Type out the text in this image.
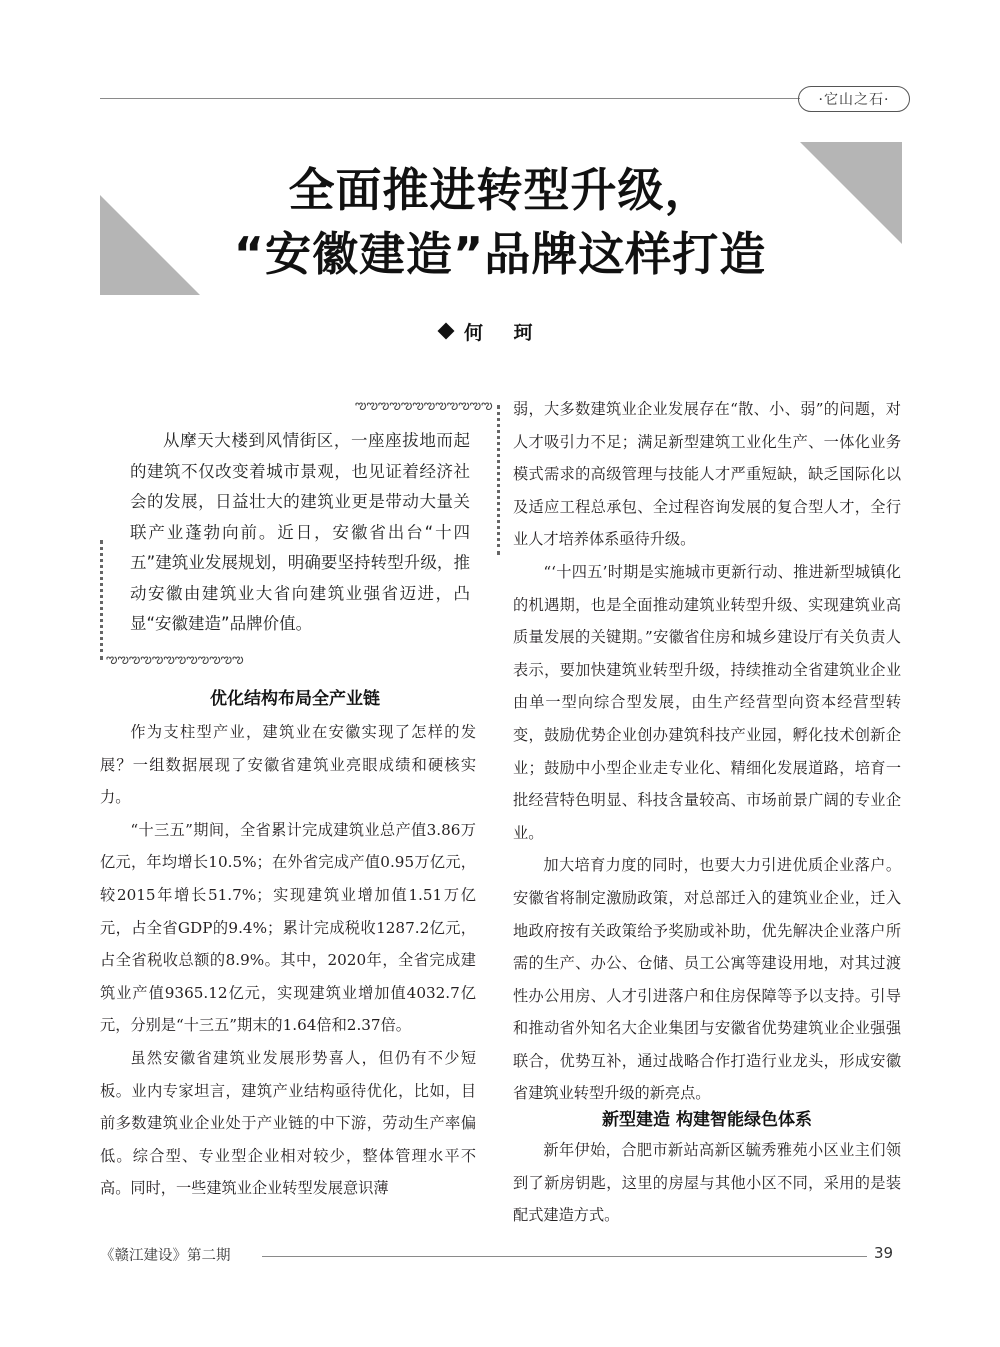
·它山之石·
全面推进转型升级，
“安徽建造”品牌这样打造
何 珂
ఌఌఌఌఌఌఌఌఌఌఌఌ
ఌఌఌఌఌఌఌఌఌఌఌఌ
从摩天大楼到风情街区，一座座拔地而起的建筑不仅改变着城市景观，也见证着经济社会的发展，日益壮大的建筑业更是带动大量关联产业蓬勃向前。近日，安徽省出台“十四五”建筑业发展规划，明确要坚持转型升级，推动安徽由建筑业大省向建筑业强省迈进，凸显“安徽建造”品牌价值。
优化结构布局全产业链

作为支柱型产业，建筑业在安徽实现了怎样的发展？一组数据展现了安徽省建筑业亮眼成绩和硬核实力。

“十三五”期间，全省累计完成建筑业总产值3.86万亿元，年均增长10.5%；在外省完成产值0.95万亿元，较2015年增长51.7%；实现建筑业增加值1.51万亿元，占全省GDP的9.4%；累计完成税收1287.2亿元，占全省税收总额的8.9%。其中，2020年，全省完成建筑业产值9365.12亿元，实现建筑业增加值4032.7亿元，分别是“十三五”期末的1.64倍和2.37倍。

虽然安徽省建筑业发展形势喜人，但仍有不少短板。业内专家坦言，建筑产业结构亟待优化，比如，目前多数建筑业企业处于产业链的中下游，劳动生产率偏低。综合型、专业型企业相对较少，整体管理水平不高。同时，一些建筑业企业转型发展意识薄

弱，大多数建筑业企业发展存在“散、小、弱”的问题，对人才吸引力不足；满足新型建筑工业化生产、一体化业务模式需求的高级管理与技能人才严重短缺，缺乏国际化以及适应工程总承包、全过程咨询发展的复合型人才，全行业人才培养体系亟待升级。

“‘十四五’时期是实施城市更新行动、推进新型城镇化的机遇期，也是全面推动建筑业转型升级、实现建筑业高质量发展的关键期。”安徽省住房和城乡建设厅有关负责人表示，要加快建筑业转型升级，持续推动全省建筑业企业由单一型向综合型发展，由生产经营型向资本经营型转变，鼓励优势企业创办建筑科技产业园，孵化技术创新企业；鼓励中小型企业走专业化、精细化发展道路，培育一批经营特色明显、科技含量较高、市场前景广阔的专业企业。

加大培育力度的同时，也要大力引进优质企业落户。安徽省将制定激励政策，对总部迁入的建筑业企业，迁入地政府按有关政策给予奖励或补助，优先解决企业落户所需的生产、办公、仓储、员工公寓等建设用地，对其过渡性办公用房、人才引进落户和住房保障等予以支持。引导和推动省外知名大企业集团与安徽省优势建筑业企业强强联合，优势互补，通过战略合作打造行业龙头，形成安徽省建筑业转型升级的新亮点。

新型建造 构建智能绿色体系

新年伊始，合肥市新站高新区毓秀雅苑小区业主们领到了新房钥匙，这里的房屋与其他小区不同，采用的是装配式建造方式。

《赣江建设》第二期	39
